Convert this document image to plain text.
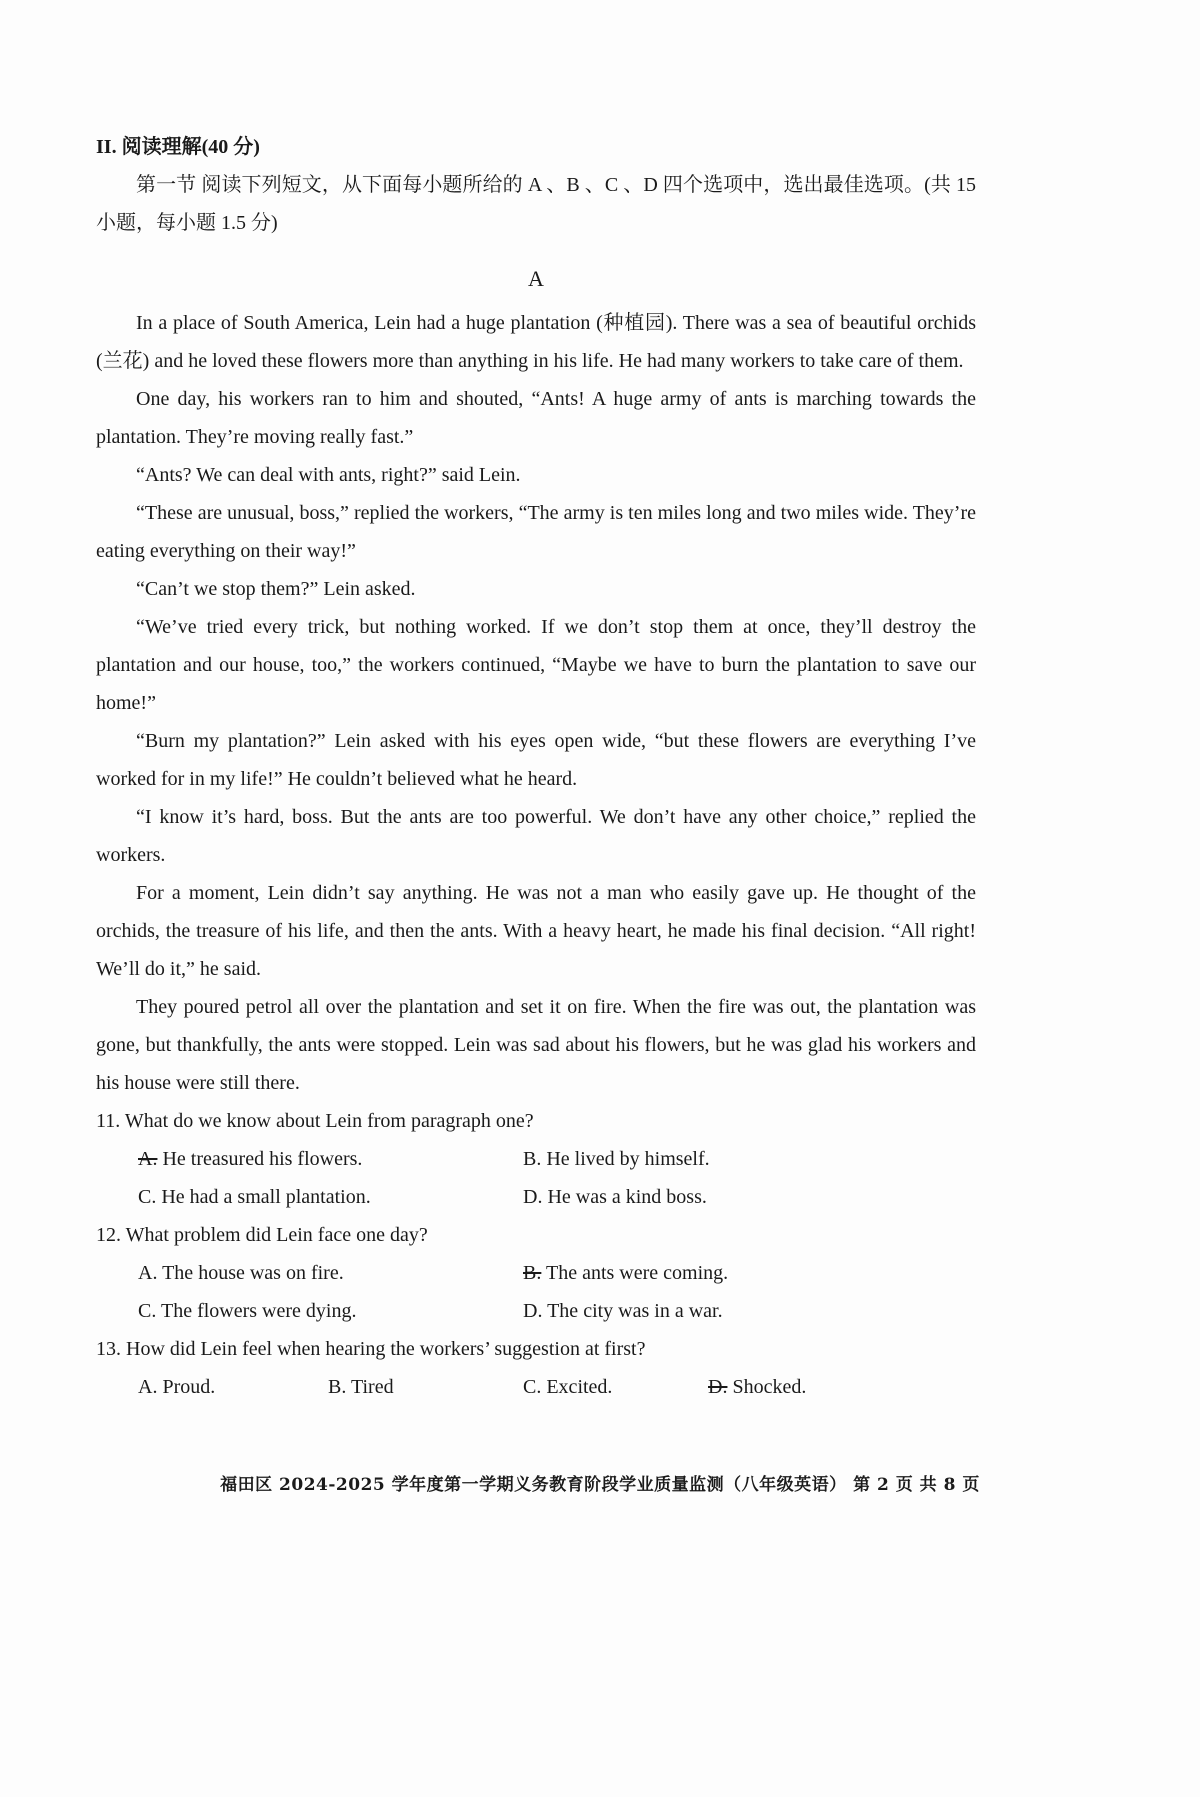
II. 阅读理解(40 分)

第一节 阅读下列短文，从下面每小题所给的 A 、B 、C 、D 四个选项中，选出最佳选项。(共 15 小题，每小题 1.5 分)

A

In a place of South America, Lein had a huge plantation (种植园). There was a sea of beautiful orchids (兰花) and he loved these flowers more than anything in his life. He had many workers to take care of them.

One day, his workers ran to him and shouted, “Ants! A huge army of ants is marching towards the plantation. They’re moving really fast.”

“Ants? We can deal with ants, right?” said Lein.

“These are unusual, boss,” replied the workers, “The army is ten miles long and two miles wide. They’re eating everything on their way!”

“Can’t we stop them?” Lein asked.

“We’ve tried every trick, but nothing worked. If we don’t stop them at once, they’ll destroy the plantation and our house, too,” the workers continued, “Maybe we have to burn the plantation to save our home!”

“Burn my plantation?” Lein asked with his eyes open wide, “but these flowers are everything I’ve worked for in my life!” He couldn’t believed what he heard.

“I know it’s hard, boss. But the ants are too powerful. We don’t have any other choice,” replied the workers.

For a moment, Lein didn’t say anything. He was not a man who easily gave up. He thought of the orchids, the treasure of his life, and then the ants. With a heavy heart, he made his final decision. “All right! We’ll do it,” he said.

They poured petrol all over the plantation and set it on fire. When the fire was out, the plantation was gone, but thankfully, the ants were stopped. Lein was sad about his flowers, but he was glad his workers and his house were still there.

11. What do we know about Lein from paragraph one?

A. He treasured his flowers.	B. He lived by himself.
C. He had a small plantation.	D. He was a kind boss.

12. What problem did Lein face one day?

A. The house was on fire.	B. The ants were coming.
C. The flowers were dying.	D. The city was in a war.

13. How did Lein feel when hearing the workers’ suggestion at first?

A. Proud.	B. Tired	C. Excited.	D. Shocked.
福田区 2024-2025 学年度第一学期义务教育阶段学业质量监测（八年级英语） 第 2 页 共 8 页
